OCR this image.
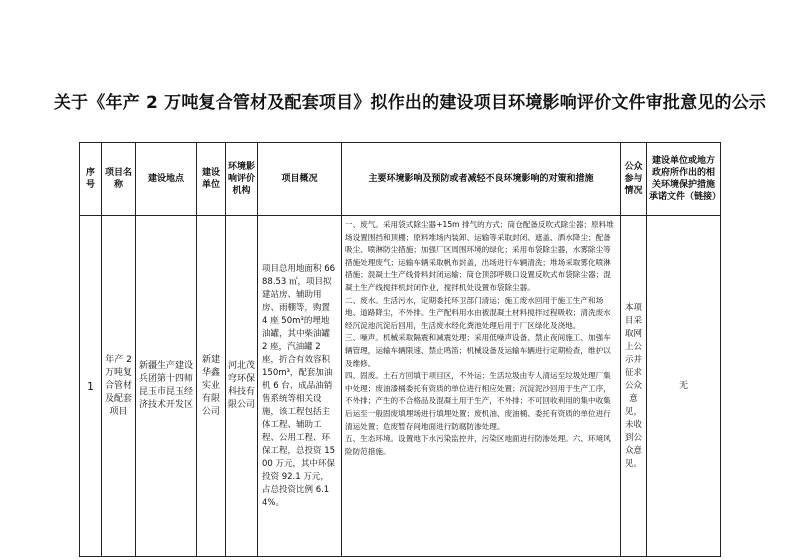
关于《年产 2 万吨复合管材及配套项目》拟作出的建设项目环境影响评价文件审批意见的公示
序号	项目名称	建设地点	建设单位	环境影响评价机构	项目概况	主要环境影响及预防或者减轻不良环境影响的对策和措施	公众参与情况	建设单位或地方政府所作出的相关环境保护措施承诺文件（链接）
1	年产 2 万吨复合管材及配套项目	新疆生产建设兵团第十四师昆玉市昆玉经济技术开发区	新建华鑫实业有限公司	河北茂穹环保科技有限公司	项目总用地面积 6688.53 ㎡，项目拟建站房、辅助用房、雨棚等，购置 4 座 50m³的埋地油罐，其中柴油罐 2 座，汽油罐 2 座，折合有效容积 150m³，配套加油机 6 台、成品油销售系统等相关设施，该工程包括主体工程、辅助工程、公用工程、环保工程，总投资 1500 万元，其中环保投资 92.1 万元，占总投资比例 6.14%。	一、废气。采用袋式除尘器+15m 排气的方式；筒仓配备反吹式除尘器；原料堆场设置围挡和顶棚；原料堆场内装卸、运输等采取封闭、遮盖、洒水降尘；配备吸尘、喷淋防尘措施；加强厂区周围环境的绿化；采用布袋除尘器，水雾除尘等措施处理废气；运输车辆采取帆布封盖，出场进行车辆清洗；堆场采取雾化喷淋措施；混凝土生产线骨料封闭运输；筒仓顶部呼吸口设置反吹式布袋除尘器；混凝土生产线搅拌机封闭作业，搅拌机处设置布袋除尘器。
二、废水。生活污水，定期委托环卫部门清运；施工废水回用于施工生产和场地、道路降尘，不外排。生产配料用水由被混凝土材料搅拌过程吸收；清洗废水经沉淀池沉淀后回用，生活废水经化粪池处理后用于厂区绿化及浇地。
三、噪声。机械采取隔震和减震处理；采用低噪声设备、禁止夜间施工、加强车辆管理，运输车辆限速、禁止鸣笛；机械设备及运输车辆进行定期检查，维护以及维修。
四、固废。土石方回填于项目区，不外运；生活垃圾由专人清运至垃圾处理厂集中处理；废油漆桶委托有资质的单位进行相应处置；沉淀泥沙回用于生产工序，不外排；产生的不合格品及混凝土用于生产，不外排；不可回收利用的集中收集后运至一般固废填埋场进行填埋处置；废机油、废油桶、委托有资质的单位进行清运处置；危废暂存间地面进行防腐防渗处理。
五、生态环境。设置地下水污染监控井，污染区地面进行防渗处理。六、环境风险防范措施。	本项目采取网上公示并征求公众意见，未收到公众意见。	无
